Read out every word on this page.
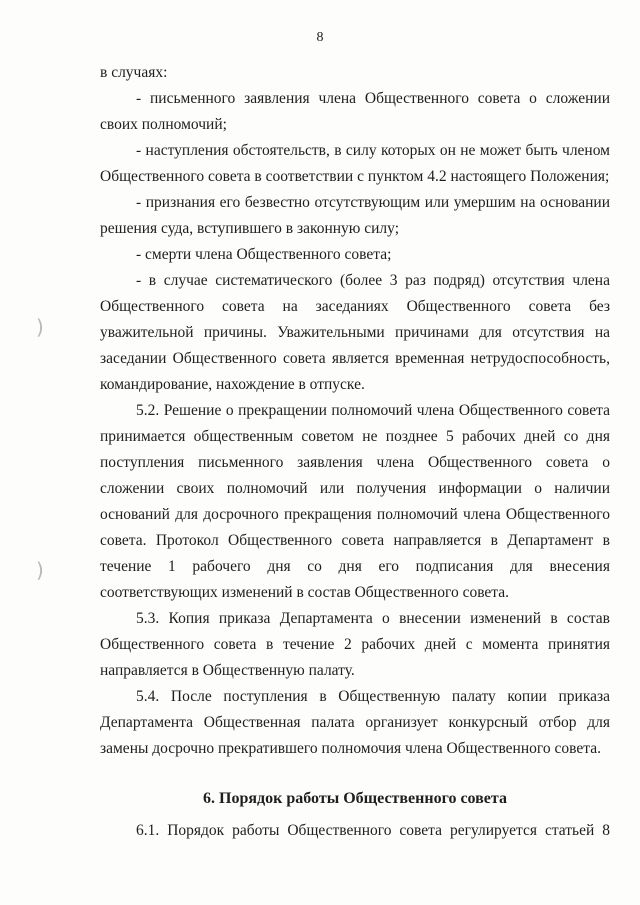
8
)
)
в случаях:
- письменного заявления члена Общественного совета о сложении
своих полномочий;
- наступления обстоятельств, в силу которых он не может быть членом
Общественного совета в соответствии с пунктом 4.2 настоящего Положения;
- признания его безвестно отсутствующим или умершим на основании
решения суда, вступившего в законную силу;
- смерти члена Общественного совета;
- в случае систематического (более 3 раз подряд) отсутствия члена
Общественного совета на заседаниях Общественного совета без
уважительной причины. Уважительными причинами для отсутствия на
заседании Общественного совета является временная нетрудоспособность,
командирование, нахождение в отпуске.
5.2. Решение о прекращении полномочий члена Общественного совета
принимается общественным советом не позднее 5 рабочих дней со дня
поступления письменного заявления члена Общественного совета о
сложении своих полномочий или получения информации о наличии
оснований для досрочного прекращения полномочий члена Общественного
совета. Протокол Общественного совета направляется в Департамент в
течение 1 рабочего дня со дня его подписания для внесения
соответствующих изменений в состав Общественного совета.
5.3. Копия приказа Департамента о внесении изменений в состав
Общественного совета в течение 2 рабочих дней с момента принятия
направляется в Общественную палату.
5.4. После поступления в Общественную палату копии приказа
Департамента Общественная палата организует конкурсный отбор для
замены досрочно прекратившего полномочия члена Общественного совета.
6. Порядок работы Общественного совета
6.1. Порядок работы Общественного совета регулируется статьей 8
